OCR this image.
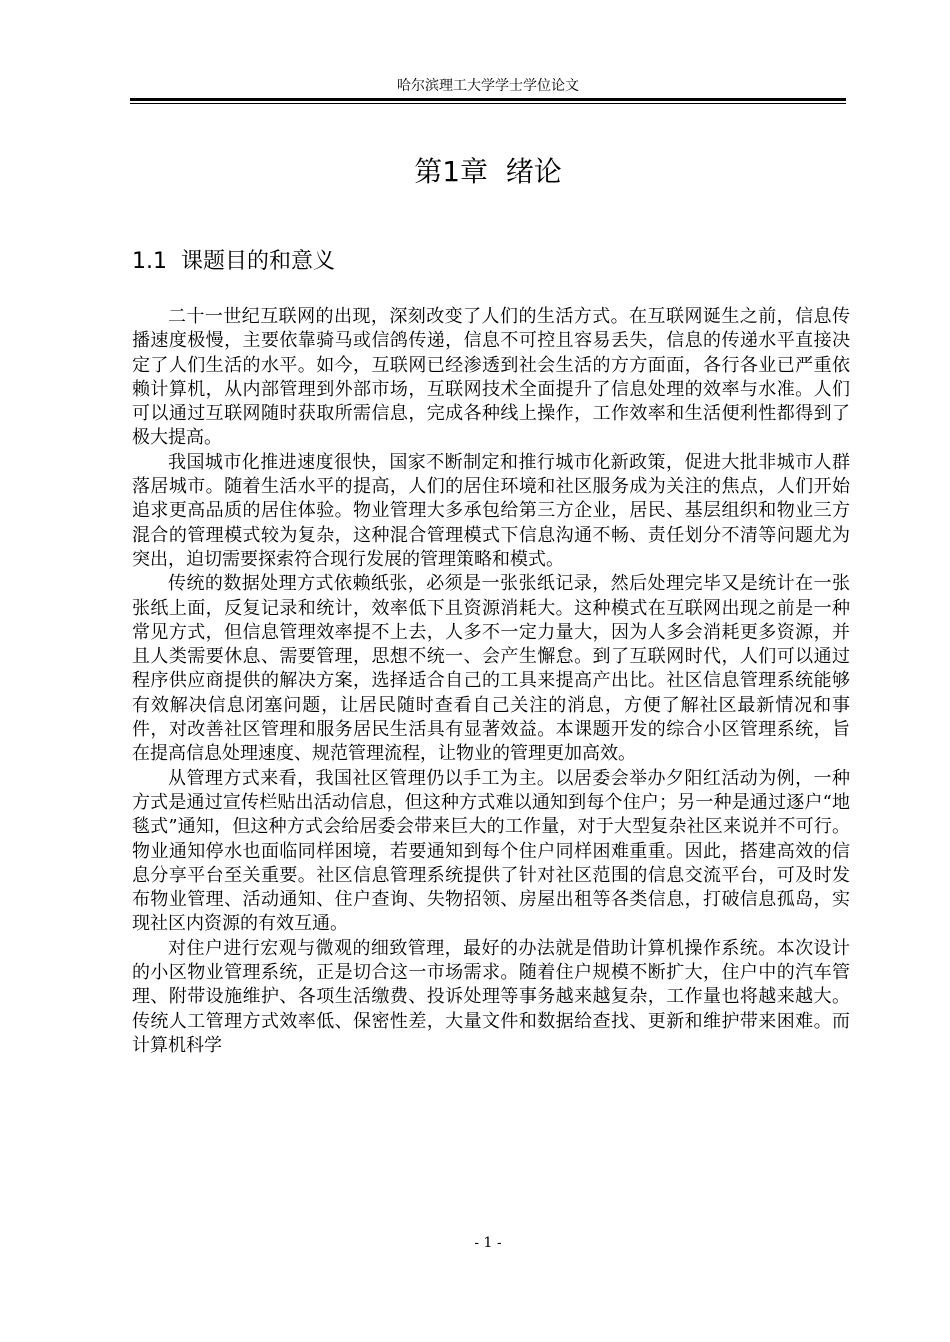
哈尔滨理工大学学士学位论文
第1章  绪论
1.1  课题目的和意义

二十一世纪互联网的出现，深刻改变了人们的生活方式。在互联网诞生之前，信息传播速度极慢，主要依靠骑马或信鸽传递，信息不可控且容易丢失，信息的传递水平直接决定了人们生活的水平。如今，互联网已经渗透到社会生活的方方面面，各行各业已严重依赖计算机，从内部管理到外部市场，互联网技术全面提升了信息处理的效率与水准。人们可以通过互联网随时获取所需信息，完成各种线上操作，工作效率和生活便利性都得到了极大提高。

我国城市化推进速度很快，国家不断制定和推行城市化新政策，促进大批非城市人群落居城市。随着生活水平的提高，人们的居住环境和社区服务成为关注的焦点，人们开始追求更高品质的居住体验。物业管理大多承包给第三方企业，居民、基层组织和物业三方混合的管理模式较为复杂，这种混合管理模式下信息沟通不畅、责任划分不清等问题尤为突出，迫切需要探索符合现行发展的管理策略和模式。

传统的数据处理方式依赖纸张，必须是一张张纸记录，然后处理完毕又是统计在一张张纸上面，反复记录和统计，效率低下且资源消耗大。这种模式在互联网出现之前是一种常见方式，但信息管理效率提不上去，人多不一定力量大，因为人多会消耗更多资源，并且人类需要休息、需要管理，思想不统一、会产生懈怠。到了互联网时代，人们可以通过程序供应商提供的解决方案，选择适合自己的工具来提高产出比。社区信息管理系统能够有效解决信息闭塞问题，让居民随时查看自己关注的消息，方便了解社区最新情况和事件，对改善社区管理和服务居民生活具有显著效益。本课题开发的综合小区管理系统，旨在提高信息处理速度、规范管理流程，让物业的管理更加高效。

从管理方式来看，我国社区管理仍以手工为主。以居委会举办夕阳红活动为例，一种方式是通过宣传栏贴出活动信息，但这种方式难以通知到每个住户；另一种是通过逐户“地毯式”通知，但这种方式会给居委会带来巨大的工作量，对于大型复杂社区来说并不可行。物业通知停水也面临同样困境，若要通知到每个住户同样困难重重。因此，搭建高效的信息分享平台至关重要。社区信息管理系统提供了针对社区范围的信息交流平台，可及时发布物业管理、活动通知、住户查询、失物招领、房屋出租等各类信息，打破信息孤岛，实现社区内资源的有效互通。

对住户进行宏观与微观的细致管理，最好的办法就是借助计算机操作系统。本次设计的小区物业管理系统，正是切合这一市场需求。随着住户规模不断扩大，住户中的汽车管理、附带设施维护、各项生活缴费、投诉处理等事务越来越复杂，工作量也将越来越大。传统人工管理方式效率低、保密性差，大量文件和数据给查找、更新和维护带来困难。而计算机科学

- 1 -
